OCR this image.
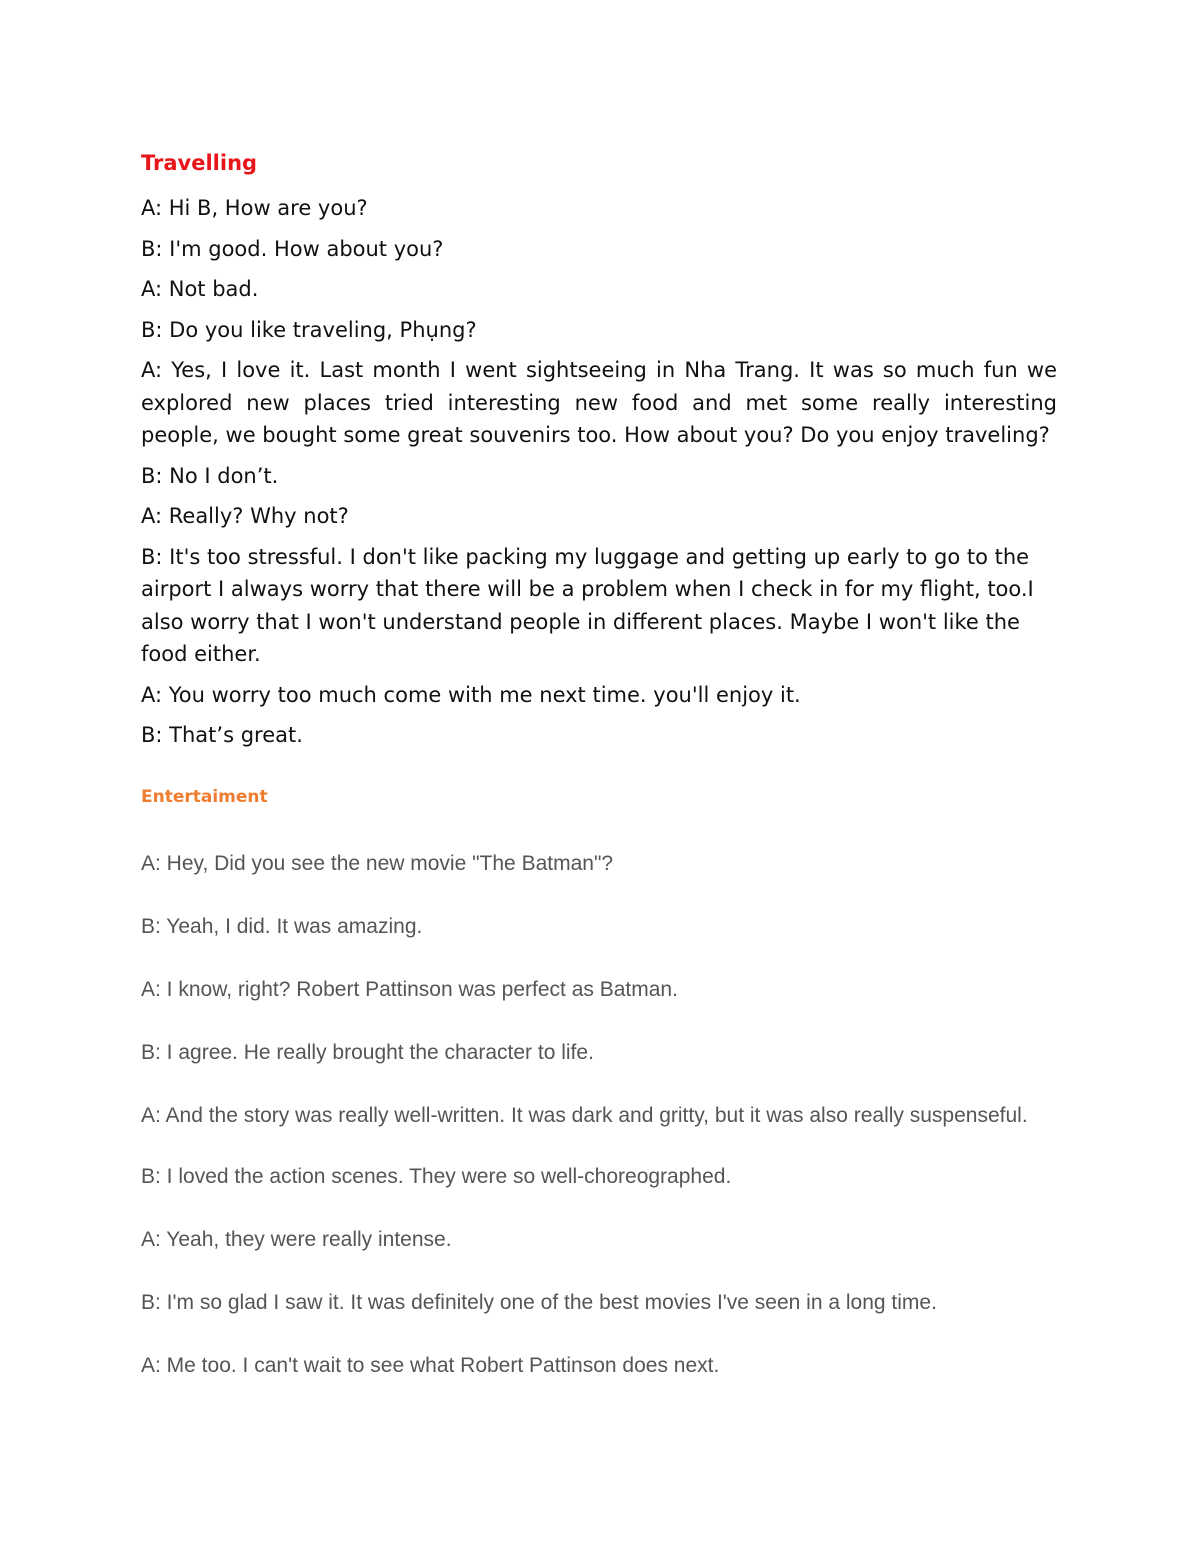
Travelling

A: Hi B, How are you?

B: I'm good. How about you?

A: Not bad.

B: Do you like traveling, Phụng?

A: Yes, I love it. Last month I went sightseeing in Nha Trang. It was so much fun we explored new places tried interesting new food and met some really interesting people, we bought some great souvenirs too. How about you? Do you enjoy traveling?

B: No I don’t.

A: Really? Why not?

B: It's too stressful. I don't like packing my luggage and getting up early to go to the airport I always worry that there will be a problem when I check in for my flight, too.I also worry that I won't understand people in different places. Maybe I won't like the food either.

A: You worry too much come with me next time. you'll enjoy it.

B: That’s great.

Entertaiment

A: Hey, Did you see the new movie "The Batman"?

B: Yeah, I did. It was amazing.

A: I know, right? Robert Pattinson was perfect as Batman.

B: I agree. He really brought the character to life.

A: And the story was really well-written. It was dark and gritty, but it was also really suspenseful.

B: I loved the action scenes. They were so well-choreographed.

A: Yeah, they were really intense.

B: I'm so glad I saw it. It was definitely one of the best movies I've seen in a long time.

A: Me too. I can't wait to see what Robert Pattinson does next.
